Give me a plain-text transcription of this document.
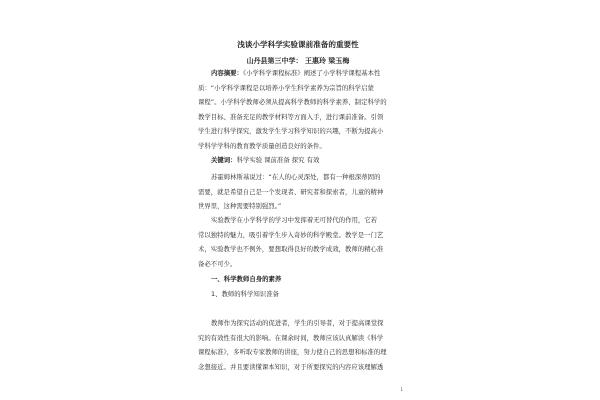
浅谈小学科学实验课前准备的重要性
山丹县第三中学： 王惠玲 梁玉梅
内容摘要：《小学科学课程标准》阐述了小学科学课程基本性
质：“小学科学课程是以培养小学生科学素养为宗旨的科学启蒙
课程”。小学科学教师必须从提高科学教师的科学素养、制定科学的
教学目标、准备充足的教学材料等方面入手，进行课前准备。引领
学生进行科学探究，激发学生学习科学知识的兴趣，不断为提高小
学科学学科的教育教学质量创造良好的条件。
关键词：科学实验 课前准备 探究 有效
苏霍姆林斯基说过：“在人的心灵深处，都有一种根深蒂固的
需要，就是希望自己是一个发现者、研究者和探索者，儿童的精神
世界里，这种需要特别强烈。”
实验教学在小学科学的学习中发挥着无可替代的作用，它若
常以独特的魅力，吸引着学生步入奇妙的科学殿堂。教学是一门艺
术，实验教学也不例外，要想取得良好的教学成效，教师的精心准
备必不可少。
一、科学教师自身的素养
1、教师的科学知识准备
教师作为探究活动的促进者，学生的引导者，对于提高课堂探
究的有效性有很大的影响。在课余时间，教师应该认真解读《科学
课程标准》，多听取专家教师的讲座，努力使自己的思想和标准的理
念想接近。并且要读懂课本知识，对于所要探究的内容应该理解透
1
